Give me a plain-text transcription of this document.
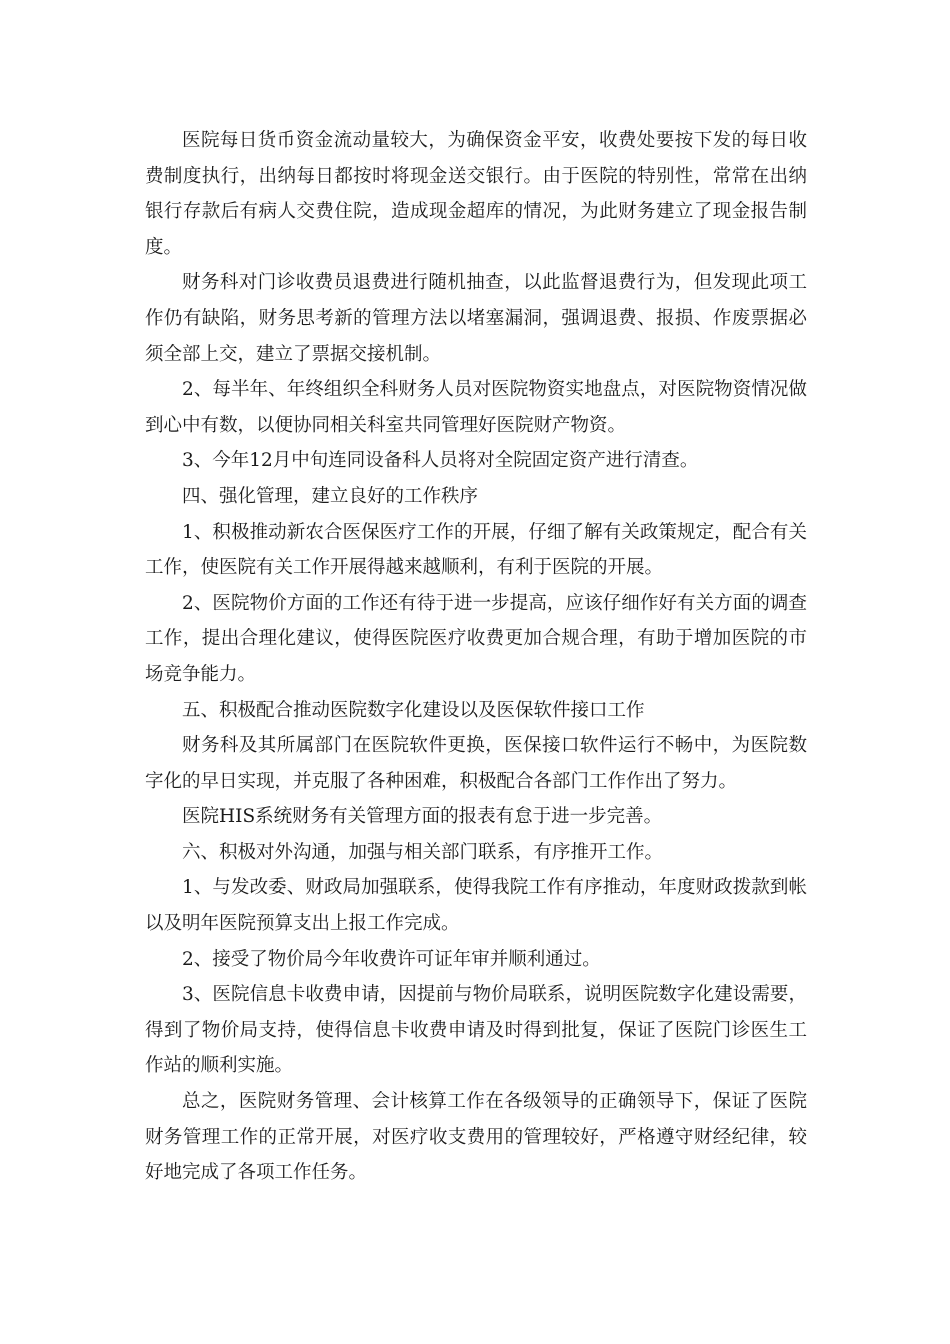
医院每日货币资金流动量较大，为确保资金平安，收费处要按下发的每日收费制度执行，出纳每日都按时将现金送交银行。由于医院的特别性，常常在出纳银行存款后有病人交费住院，造成现金超库的情况，为此财务建立了现金报告制度。

财务科对门诊收费员退费进行随机抽查，以此监督退费行为，但发现此项工作仍有缺陷，财务思考新的管理方法以堵塞漏洞，强调退费、报损、作废票据必须全部上交，建立了票据交接机制。

2、每半年、年终组织全科财务人员对医院物资实地盘点，对医院物资情况做到心中有数，以便协同相关科室共同管理好医院财产物资。

3、今年12月中旬连同设备科人员将对全院固定资产进行清查。

四、强化管理，建立良好的工作秩序

1、积极推动新农合医保医疗工作的开展，仔细了解有关政策规定，配合有关工作，使医院有关工作开展得越来越顺利，有利于医院的开展。

2、医院物价方面的工作还有待于进一步提高，应该仔细作好有关方面的调查工作，提出合理化建议，使得医院医疗收费更加合规合理，有助于增加医院的市场竞争能力。

五、积极配合推动医院数字化建设以及医保软件接口工作

财务科及其所属部门在医院软件更换，医保接口软件运行不畅中，为医院数字化的早日实现，并克服了各种困难，积极配合各部门工作作出了努力。

医院HIS系统财务有关管理方面的报表有怠于进一步完善。

六、积极对外沟通，加强与相关部门联系，有序推开工作。

1、与发改委、财政局加强联系，使得我院工作有序推动，年度财政拨款到帐以及明年医院预算支出上报工作完成。

2、接受了物价局今年收费许可证年审并顺利通过。

3、医院信息卡收费申请，因提前与物价局联系，说明医院数字化建设需要，得到了物价局支持，使得信息卡收费申请及时得到批复，保证了医院门诊医生工作站的顺利实施。

总之，医院财务管理、会计核算工作在各级领导的正确领导下，保证了医院财务管理工作的正常开展，对医疗收支费用的管理较好，严格遵守财经纪律，较好地完成了各项工作任务。
